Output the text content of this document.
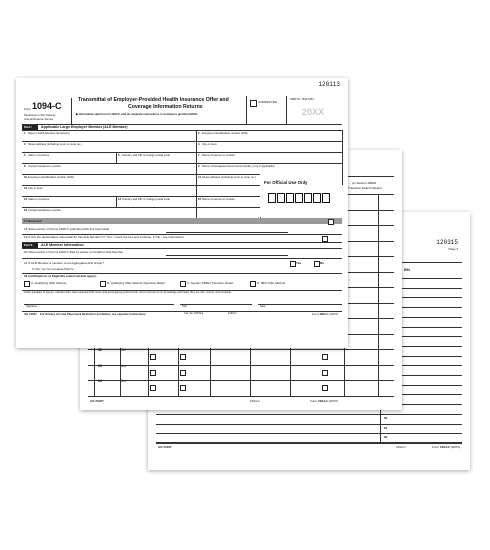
120315
Page 3
EIN
63
64
65
AO #1007	1094-C	Form 1094-C (20XX)
(e) Section 4980H
Transition Relief Indicator
32	Oct
33	Nov
34	Dec
AO #1007	1094-C	Form 1094-C (20XX)
120113
Form 1094-C
Department of the Treasury
Internal Revenue Service
Transmittal of Employer-Provided Health Insurance Offer and
Coverage Information Returns
▶ Information about Form 1094-C and its separate instructions is at www.irs.gov/form1094c
CORRECTED
OMB No. 1545-2251
20XX
Part I	Applicable Large Employer Member (ALE Member)
1 Name of ALE Member (Employer)	2 Employer identification number (EIN)
3 Street address (including room or suite no.)	4 City or town
5 State or province	6 Country and ZIP or foreign postal code	7 Name of person to contact
8 Contact telephone number	9 Name of Designated Government Entity (only if applicable)
10 Employer identification number (EIN)	11 Street address (including room or suite no.)
12 City or town
13 State or province	14 Country and ZIP or foreign postal code	15 Name of person to contact
16 Contact telephone number
For Official Use Only
17 Reserved
18 Total number of Forms 1095-C submitted with this transmittal
19 Is this the authoritative transmittal for this ALE Member? If "Yes," check the box and continue. If "No," see instructions
Part II ALE Member Information
20 Total number of Forms 1095-C filed by and/or on behalf of ALE Member
21 Is ALE Member a member of an Aggregated ALE Group?	Yes	No
If "No," do not complete Part IV.
22 Certifications of Eligibility (select all that apply):
A. Qualifying Offer Method	B. Qualifying Offer Method Transition Relief	C. Section 4980H Transition Relief	D. 98% Offer Method
Under penalties of perjury, I declare that I have examined this return and accompanying documents, and to the best of my knowledge and belief, they are true, correct, and complete.
Signature	Title	Date
For Privacy Act and Paperwork Reduction Act Notice, see separate instructions.	Cat. No. 61571A	1094-C	Form 1094-C (20XX)
AO #1007
